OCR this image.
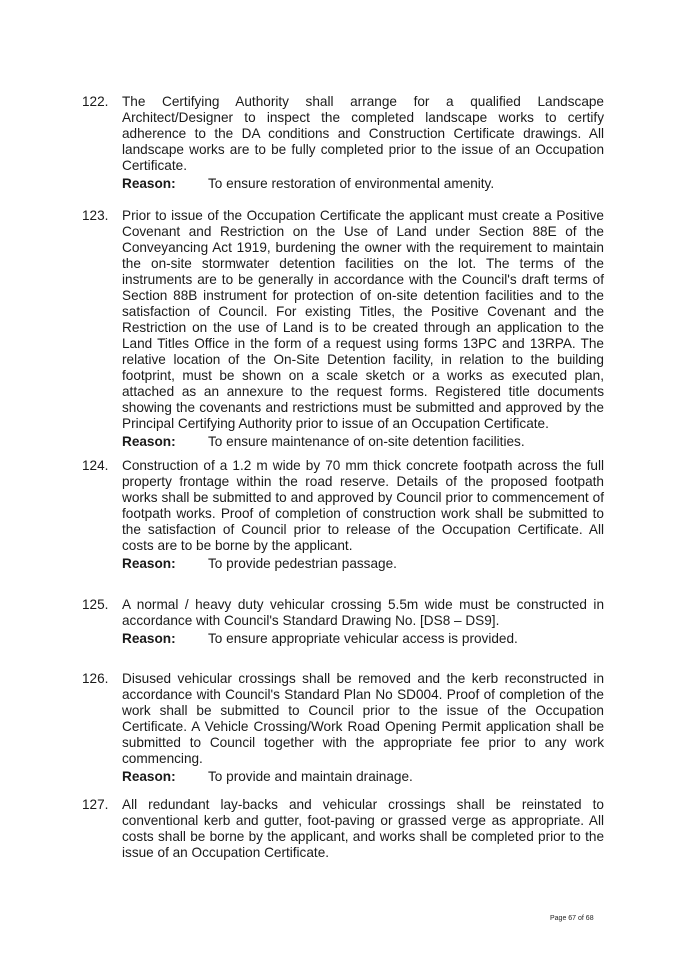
122. The Certifying Authority shall arrange for a qualified Landscape Architect/Designer to inspect the completed landscape works to certify adherence to the DA conditions and Construction Certificate drawings. All landscape works are to be fully completed prior to the issue of an Occupation Certificate.
Reason: To ensure restoration of environmental amenity.
123. Prior to issue of the Occupation Certificate the applicant must create a Positive Covenant and Restriction on the Use of Land under Section 88E of the Conveyancing Act 1919, burdening the owner with the requirement to maintain the on-site stormwater detention facilities on the lot. The terms of the instruments are to be generally in accordance with the Council's draft terms of Section 88B instrument for protection of on-site detention facilities and to the satisfaction of Council. For existing Titles, the Positive Covenant and the Restriction on the use of Land is to be created through an application to the Land Titles Office in the form of a request using forms 13PC and 13RPA. The relative location of the On-Site Detention facility, in relation to the building footprint, must be shown on a scale sketch or a works as executed plan, attached as an annexure to the request forms. Registered title documents showing the covenants and restrictions must be submitted and approved by the Principal Certifying Authority prior to issue of an Occupation Certificate.
Reason: To ensure maintenance of on-site detention facilities.
124. Construction of a 1.2 m wide by 70 mm thick concrete footpath across the full property frontage within the road reserve. Details of the proposed footpath works shall be submitted to and approved by Council prior to commencement of footpath works. Proof of completion of construction work shall be submitted to the satisfaction of Council prior to release of the Occupation Certificate. All costs are to be borne by the applicant.
Reason: To provide pedestrian passage.
125. A normal / heavy duty vehicular crossing 5.5m wide must be constructed in accordance with Council's Standard Drawing No. [DS8 – DS9].
Reason: To ensure appropriate vehicular access is provided.
126. Disused vehicular crossings shall be removed and the kerb reconstructed in accordance with Council's Standard Plan No SD004. Proof of completion of the work shall be submitted to Council prior to the issue of the Occupation Certificate. A Vehicle Crossing/Work Road Opening Permit application shall be submitted to Council together with the appropriate fee prior to any work commencing.
Reason: To provide and maintain drainage.
127. All redundant lay-backs and vehicular crossings shall be reinstated to conventional kerb and gutter, foot-paving or grassed verge as appropriate. All costs shall be borne by the applicant, and works shall be completed prior to the issue of an Occupation Certificate.
Page 67 of 68
